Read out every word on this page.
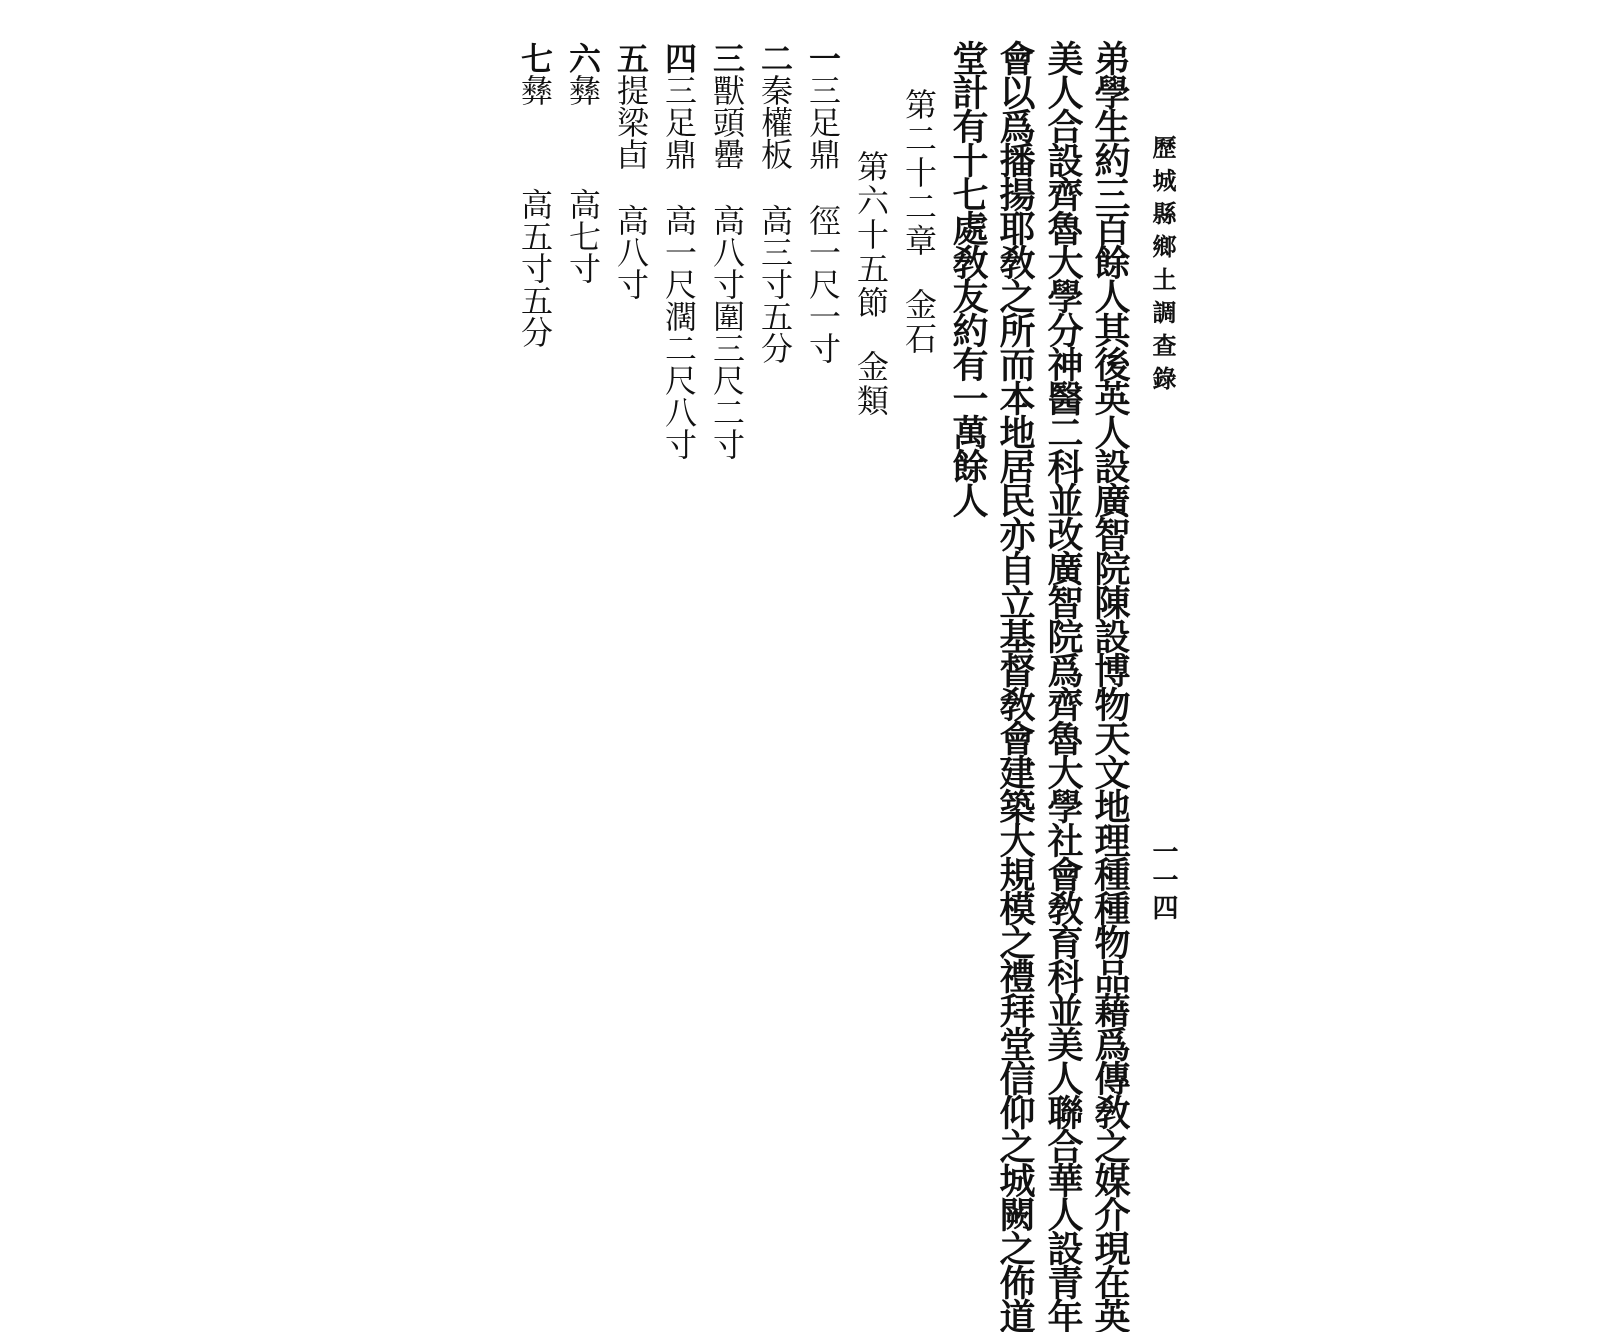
歷城縣鄉土調查錄
一一四
弟學生約三百餘人其後英人設廣智院陳設博物天文地理種種物品藉爲傳敎之媒介現在英
美人合設齊魯大學分神醫二科並改廣智院爲齊魯大學社會敎育科並美人聯合華人設青年
會以爲播揚耶敎之所而本地居民亦自立基督敎會建築大規模之禮拜堂信仰之城闕之佈道
堂計有十七處敎友約有一萬餘人
第二十二章金石
第六十五節金類
一三足鼎徑一尺一寸
二秦權板高三寸五分
三獸頭罍高八寸圍三尺二寸
四三足鼎高一尺濶二尺八寸
五提梁卣高八寸
六彝高七寸
七彝高五寸五分
